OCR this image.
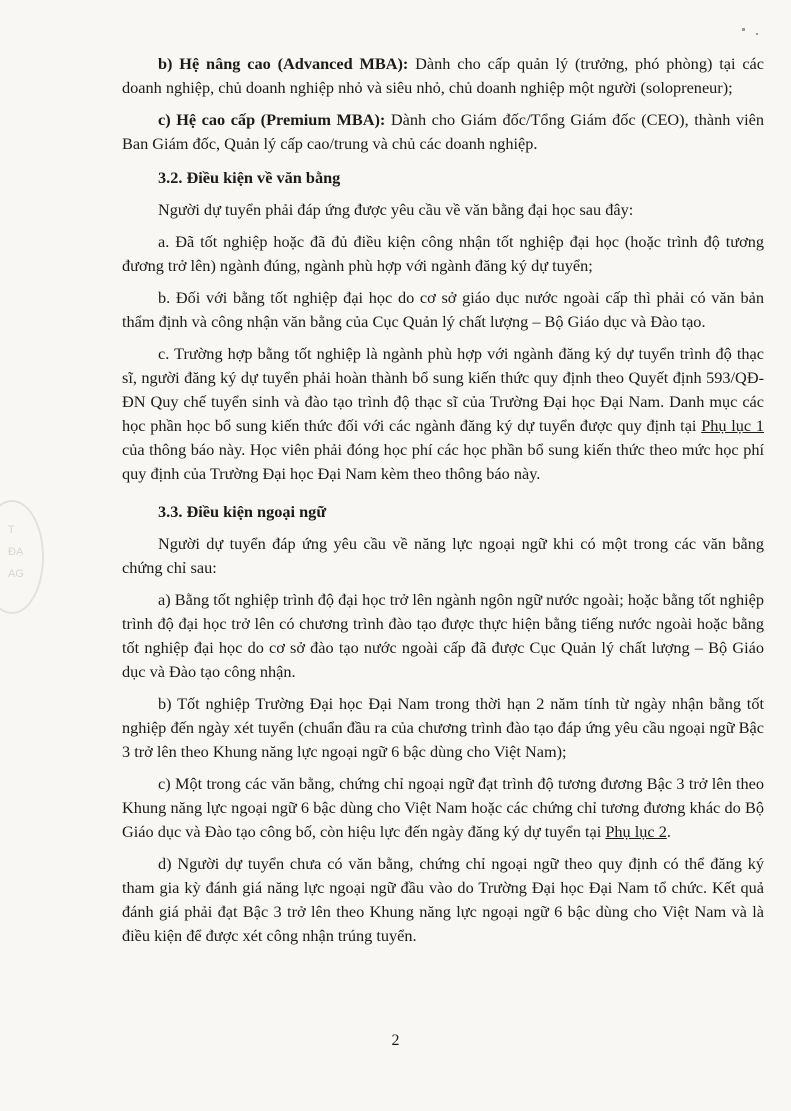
T
ĐẠ
AG

b) Hệ nâng cao (Advanced MBA): Dành cho cấp quản lý (trưởng, phó phòng) tại các doanh nghiệp, chủ doanh nghiệp nhỏ và siêu nhỏ, chủ doanh nghiệp một người (solopreneur);

c) Hệ cao cấp (Premium MBA): Dành cho Giám đốc/Tổng Giám đốc (CEO), thành viên Ban Giám đốc, Quản lý cấp cao/trung và chủ các doanh nghiệp.

3.2. Điều kiện về văn bằng

Người dự tuyển phải đáp ứng được yêu cầu về văn bằng đại học sau đây:

a. Đã tốt nghiệp hoặc đã đủ điều kiện công nhận tốt nghiệp đại học (hoặc trình độ tương đương trở lên) ngành đúng, ngành phù hợp với ngành đăng ký dự tuyển;

b. Đối với bằng tốt nghiệp đại học do cơ sở giáo dục nước ngoài cấp thì phải có văn bản thẩm định và công nhận văn bằng của Cục Quản lý chất lượng – Bộ Giáo dục và Đào tạo.

c. Trường hợp bằng tốt nghiệp là ngành phù hợp với ngành đăng ký dự tuyển trình độ thạc sĩ, người đăng ký dự tuyển phải hoàn thành bổ sung kiến thức quy định theo Quyết định 593/QĐ-ĐN Quy chế tuyển sinh và đào tạo trình độ thạc sĩ của Trường Đại học Đại Nam. Danh mục các học phần học bổ sung kiến thức đối với các ngành đăng ký dự tuyển được quy định tại Phụ lục 1 của thông báo này. Học viên phải đóng học phí các học phần bổ sung kiến thức theo mức học phí quy định của Trường Đại học Đại Nam kèm theo thông báo này.

3.3. Điều kiện ngoại ngữ

Người dự tuyển đáp ứng yêu cầu về năng lực ngoại ngữ khi có một trong các văn bằng chứng chỉ sau:

a) Bằng tốt nghiệp trình độ đại học trở lên ngành ngôn ngữ nước ngoài; hoặc bằng tốt nghiệp trình độ đại học trở lên có chương trình đào tạo được thực hiện bằng tiếng nước ngoài hoặc bằng tốt nghiệp đại học do cơ sở đào tạo nước ngoài cấp đã được Cục Quản lý chất lượng – Bộ Giáo dục và Đào tạo công nhận.

b) Tốt nghiệp Trường Đại học Đại Nam trong thời hạn 2 năm tính từ ngày nhận bằng tốt nghiệp đến ngày xét tuyển (chuẩn đầu ra của chương trình đào tạo đáp ứng yêu cầu ngoại ngữ Bậc 3 trở lên theo Khung năng lực ngoại ngữ 6 bậc dùng cho Việt Nam);

c) Một trong các văn bằng, chứng chỉ ngoại ngữ đạt trình độ tương đương Bậc 3 trở lên theo Khung năng lực ngoại ngữ 6 bậc dùng cho Việt Nam hoặc các chứng chỉ tương đương khác do Bộ Giáo dục và Đào tạo công bố, còn hiệu lực đến ngày đăng ký dự tuyển tại Phụ lục 2.

d) Người dự tuyển chưa có văn bằng, chứng chỉ ngoại ngữ theo quy định có thể đăng ký tham gia kỳ đánh giá năng lực ngoại ngữ đầu vào do Trường Đại học Đại Nam tổ chức. Kết quả đánh giá phải đạt Bậc 3 trở lên theo Khung năng lực ngoại ngữ 6 bậc dùng cho Việt Nam và là điều kiện để được xét công nhận trúng tuyển.

2
